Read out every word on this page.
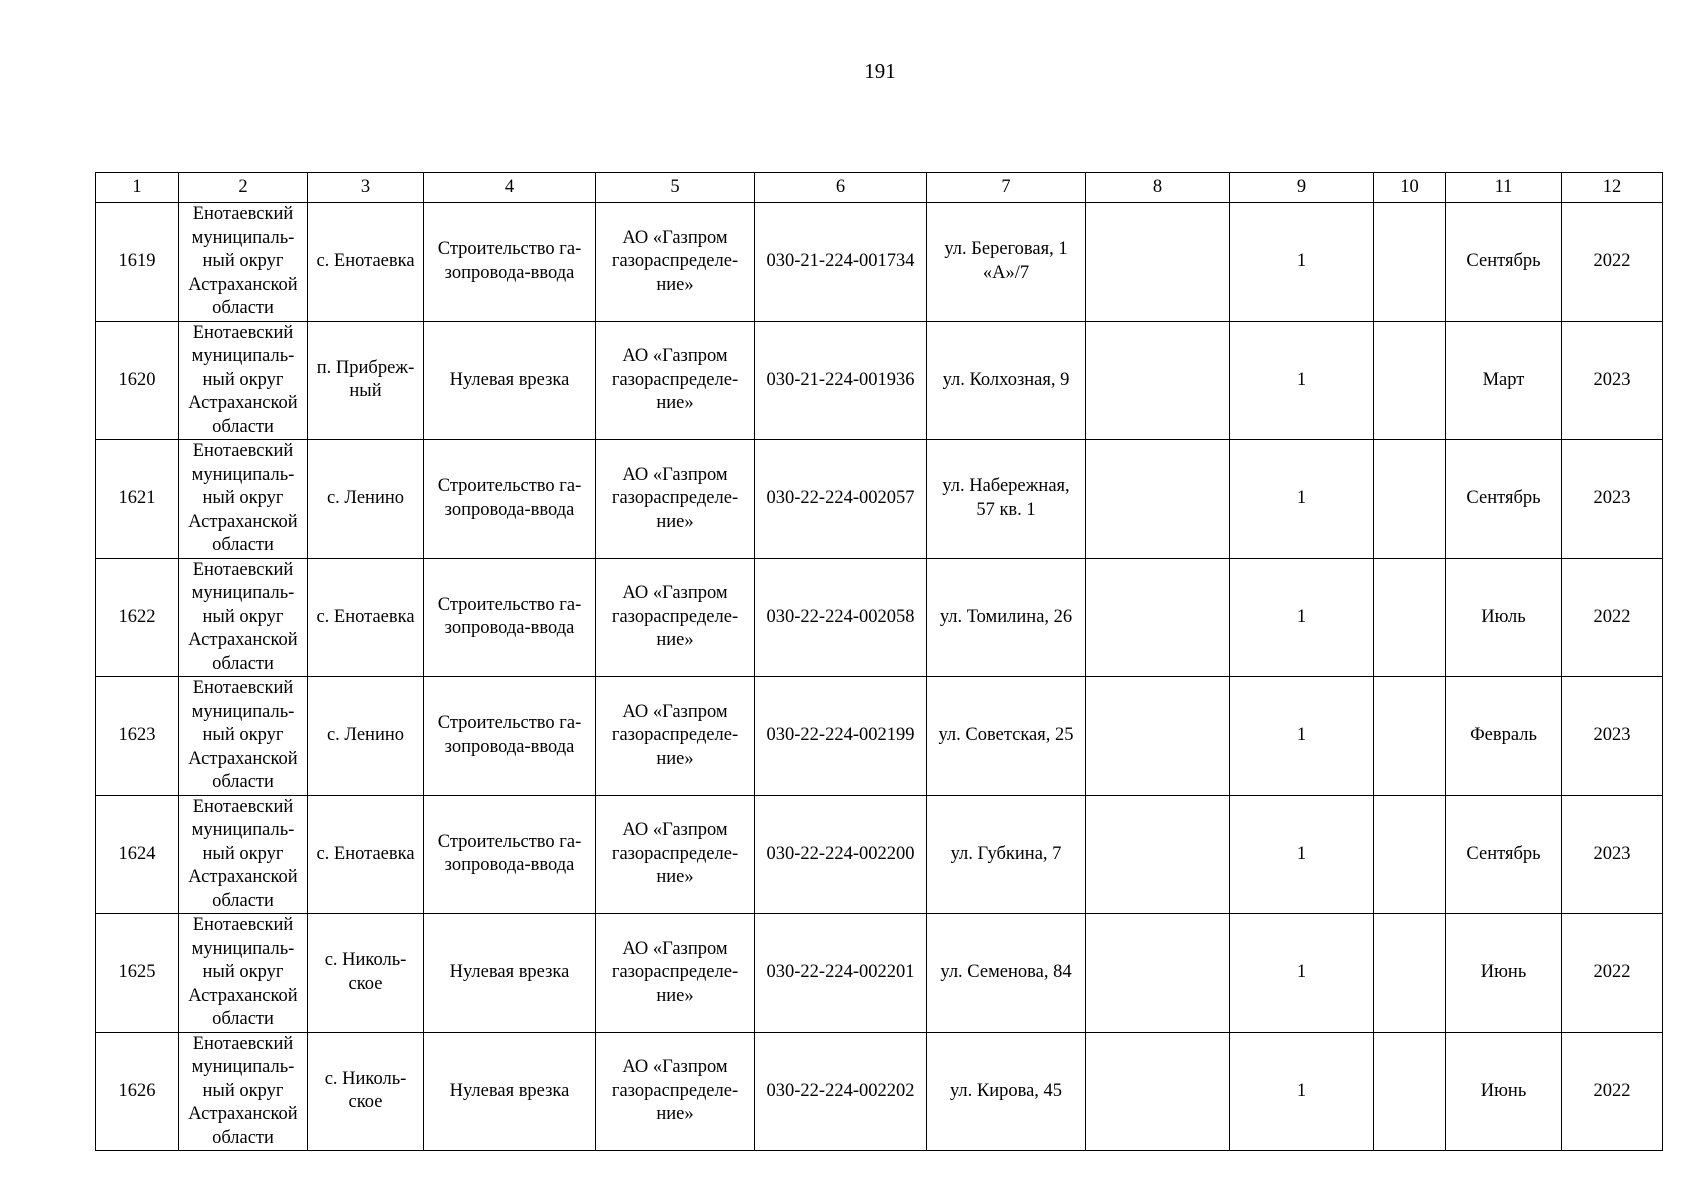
191
1	2	3	4	5	6	7	8	9	10	11	12
1619	Енотаевский
муниципаль-
ный округ
Астраханской
области	с. Енотаевка	Строительство га-
зопровода-ввода	АО «Газпром
газораспределе-
ние»	030-21-224-001734	ул. Береговая, 1
«А»/7		1		Сентябрь	2022
1620	Енотаевский
муниципаль-
ный округ
Астраханской
области	п. Прибреж-
ный	Нулевая врезка	АО «Газпром
газораспределе-
ние»	030-21-224-001936	ул. Колхозная, 9		1		Март	2023
1621	Енотаевский
муниципаль-
ный округ
Астраханской
области	с. Ленино	Строительство га-
зопровода-ввода	АО «Газпром
газораспределе-
ние»	030-22-224-002057	ул. Набережная,
57 кв. 1		1		Сентябрь	2023
1622	Енотаевский
муниципаль-
ный округ
Астраханской
области	с. Енотаевка	Строительство га-
зопровода-ввода	АО «Газпром
газораспределе-
ние»	030-22-224-002058	ул. Томилина, 26		1		Июль	2022
1623	Енотаевский
муниципаль-
ный округ
Астраханской
области	с. Ленино	Строительство га-
зопровода-ввода	АО «Газпром
газораспределе-
ние»	030-22-224-002199	ул. Советская, 25		1		Февраль	2023
1624	Енотаевский
муниципаль-
ный округ
Астраханской
области	с. Енотаевка	Строительство га-
зопровода-ввода	АО «Газпром
газораспределе-
ние»	030-22-224-002200	ул. Губкина, 7		1		Сентябрь	2023
1625	Енотаевский
муниципаль-
ный округ
Астраханской
области	с. Николь-
ское	Нулевая врезка	АО «Газпром
газораспределе-
ние»	030-22-224-002201	ул. Семенова, 84		1		Июнь	2022
1626	Енотаевский
муниципаль-
ный округ
Астраханской
области	с. Николь-
ское	Нулевая врезка	АО «Газпром
газораспределе-
ние»	030-22-224-002202	ул. Кирова, 45		1		Июнь	2022
